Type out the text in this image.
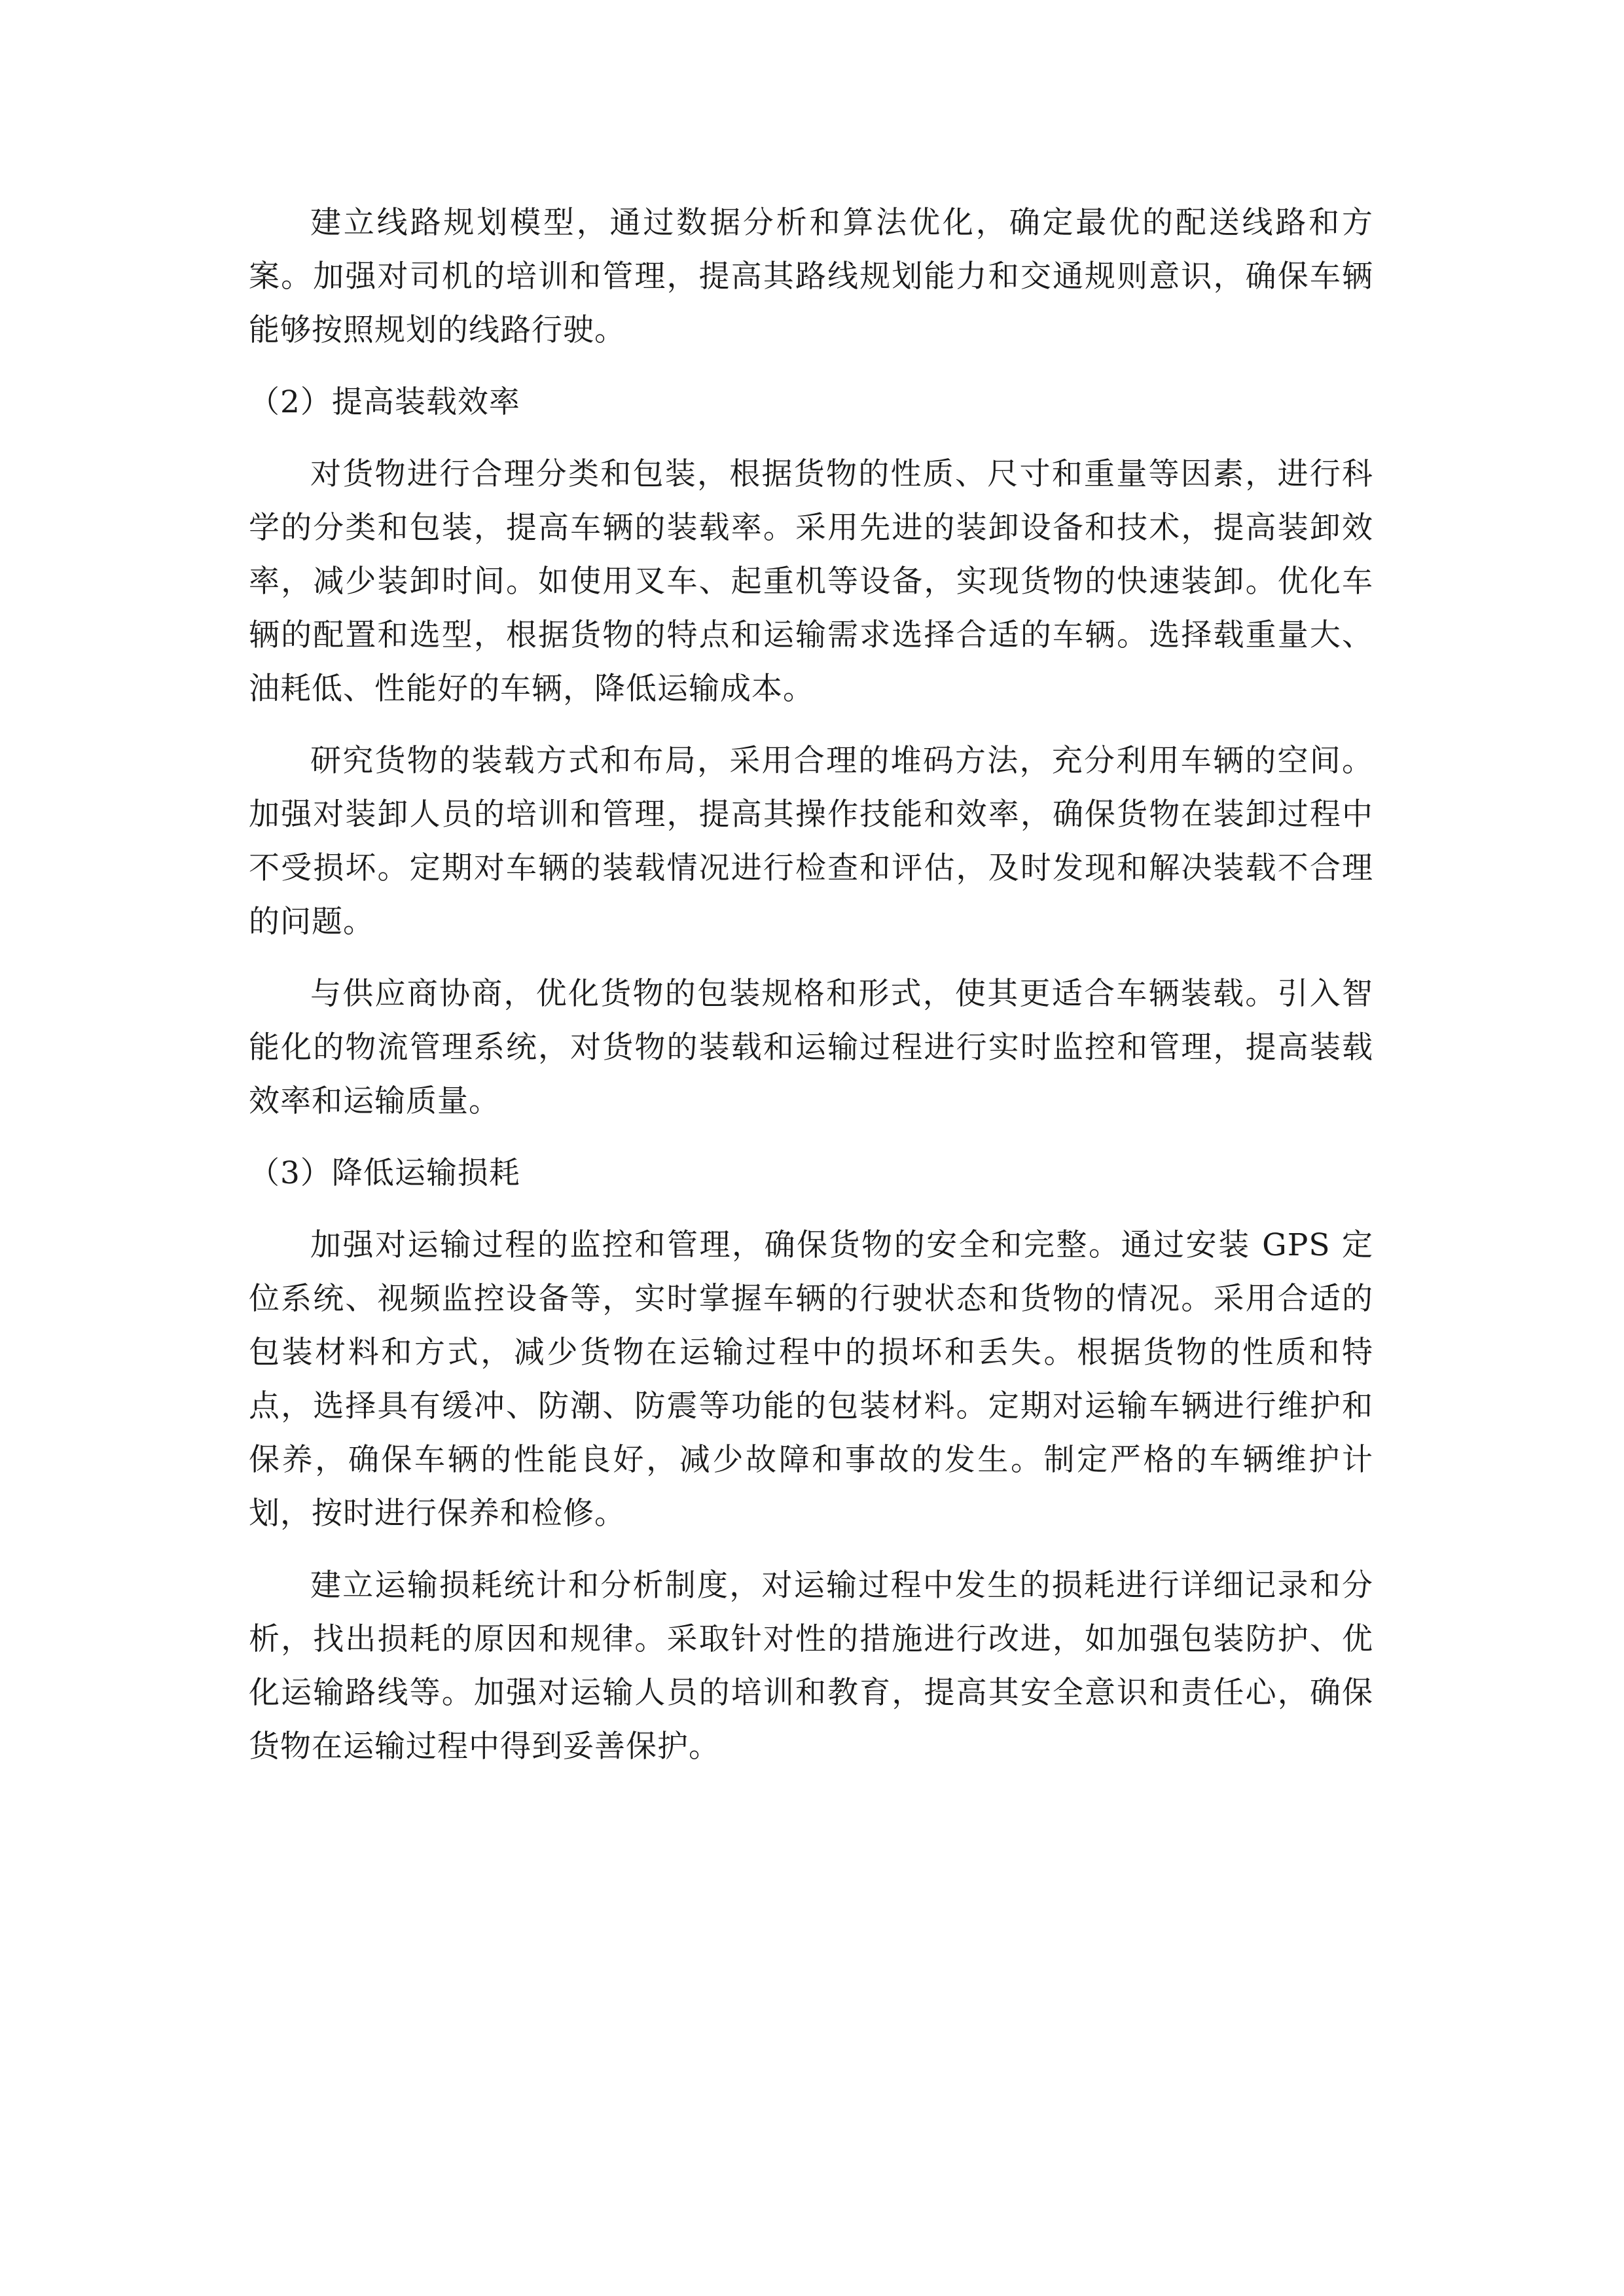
建立线路规划模型，通过数据分析和算法优化，确定最优的配送线路和方案。加强对司机的培训和管理，提高其路线规划能力和交通规则意识，确保车辆能够按照规划的线路行驶。

（2）提高装载效率

对货物进行合理分类和包装，根据货物的性质、尺寸和重量等因素，进行科学的分类和包装，提高车辆的装载率。采用先进的装卸设备和技术，提高装卸效率，减少装卸时间。如使用叉车、起重机等设备，实现货物的快速装卸。优化车辆的配置和选型，根据货物的特点和运输需求选择合适的车辆。选择载重量大、油耗低、性能好的车辆，降低运输成本。

研究货物的装载方式和布局，采用合理的堆码方法，充分利用车辆的空间。加强对装卸人员的培训和管理，提高其操作技能和效率，确保货物在装卸过程中不受损坏。定期对车辆的装载情况进行检查和评估，及时发现和解决装载不合理的问题。

与供应商协商，优化货物的包装规格和形式，使其更适合车辆装载。引入智能化的物流管理系统，对货物的装载和运输过程进行实时监控和管理，提高装载效率和运输质量。

（3）降低运输损耗

加强对运输过程的监控和管理，确保货物的安全和完整。通过安装 GPS 定位系统、视频监控设备等，实时掌握车辆的行驶状态和货物的情况。采用合适的包装材料和方式，减少货物在运输过程中的损坏和丢失。根据货物的性质和特点，选择具有缓冲、防潮、防震等功能的包装材料。定期对运输车辆进行维护和保养，确保车辆的性能良好，减少故障和事故的发生。制定严格的车辆维护计划，按时进行保养和检修。

建立运输损耗统计和分析制度，对运输过程中发生的损耗进行详细记录和分析，找出损耗的原因和规律。采取针对性的措施进行改进，如加强包装防护、优化运输路线等。加强对运输人员的培训和教育，提高其安全意识和责任心，确保货物在运输过程中得到妥善保护。
